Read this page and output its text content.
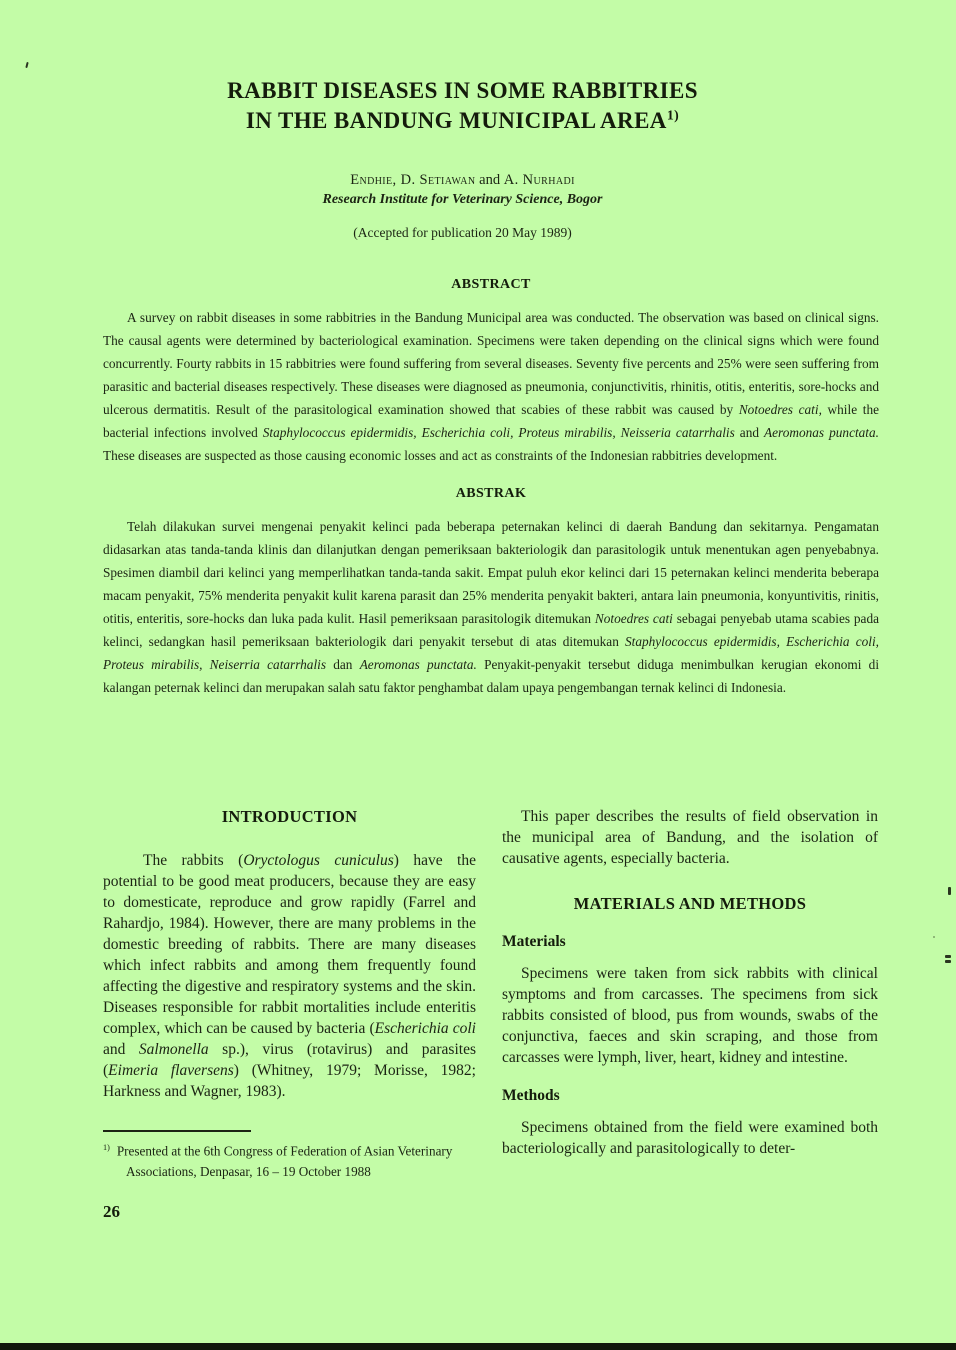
RABBIT DISEASES IN SOME RABBITRIES
IN THE BANDUNG MUNICIPAL AREA$^{1)}$
Endhie, D. Setiawan and A. Nurhadi
Research Institute for Veterinary Science, Bogor
(Accepted for publication 20 May 1989)
ABSTRACT

A survey on rabbit diseases in some rabbitries in the Bandung Municipal area was conducted. The observation was based on clinical signs. The causal agents were determined by bacteriological examination. Specimens were taken depending on the clinical signs which were found concurrently. Fourty rabbits in 15 rabbitries were found suffering from several diseases. Seventy five percents and 25% were seen suffering from parasitic and bacterial diseases respectively. These diseases were diagnosed as pneumonia, conjunctivitis, rhinitis, otitis, enteritis, sore-hocks and ulcerous dermatitis. Result of the parasitological examination showed that scabies of these rabbit was caused by Notoedres cati, while the bacterial infections involved Staphylococcus epidermidis, Escherichia coli, Proteus mirabilis, Neisseria catarrhalis and Aeromonas punctata. These diseases are suspected as those causing economic losses and act as constraints of the Indonesian rabbitries development.

ABSTRAK

Telah dilakukan survei mengenai penyakit kelinci pada beberapa peternakan kelinci di daerah Bandung dan sekitarnya. Pengamatan didasarkan atas tanda-tanda klinis dan dilanjutkan dengan pemeriksaan bakteriologik dan parasitologik untuk menentukan agen penyebabnya. Spesimen diambil dari kelinci yang memperlihatkan tanda-tanda sakit. Empat puluh ekor kelinci dari 15 peternakan kelinci menderita beberapa macam penyakit, 75% menderita penyakit kulit karena parasit dan 25% menderita penyakit bakteri, antara lain pneumonia, konyuntivitis, rinitis, otitis, enteritis, sore-hocks dan luka pada kulit. Hasil pemeriksaan parasitologik ditemukan Notoedres cati sebagai penyebab utama scabies pada kelinci, sedangkan hasil pemeriksaan bakteriologik dari penyakit tersebut di atas ditemukan Staphylococcus epidermidis, Escherichia coli, Proteus mirabilis, Neiserria catarrhalis dan Aeromonas punctata. Penyakit-penyakit tersebut diduga menimbulkan kerugian ekonomi di kalangan peternak kelinci dan merupakan salah satu faktor penghambat dalam upaya pengembangan ternak kelinci di Indonesia.

INTRODUCTION

The rabbits (Oryctologus cuniculus) have the potential to be good meat producers, because they are easy to domesticate, reproduce and grow rapidly (Farrel and Rahardjo, 1984). However, there are many problems in the domestic breeding of rabbits. There are many diseases which infect rabbits and among them frequently found affecting the digestive and respiratory systems and the skin. Diseases responsible for rabbit mortalities include enteritis complex, which can be caused by bacteria (Escherichia coli and Salmonella sp.), virus (rotavirus) and parasites (Eimeria flaversens) (Whitney, 1979; Morisse, 1982; Harkness and Wagner, 1983).

$^{1)}$ Presented at the 6th Congress of Federation of Asian Veterinary Associations, Denpasar, 16 – 19 October 1988

This paper describes the results of field observation in the municipal area of Bandung, and the isolation of causative agents, especially bacteria.

MATERIALS AND METHODS
Materials

Specimens were taken from sick rabbits with clinical symptoms and from carcasses. The specimens from sick rabbits consisted of blood, pus from wounds, swabs of the conjunctiva, faeces and skin scraping, and those from carcasses were lymph, liver, heart, kidney and intestine.

Methods

Specimens obtained from the field were examined both bacteriologically and parasitologically to deter-

26
